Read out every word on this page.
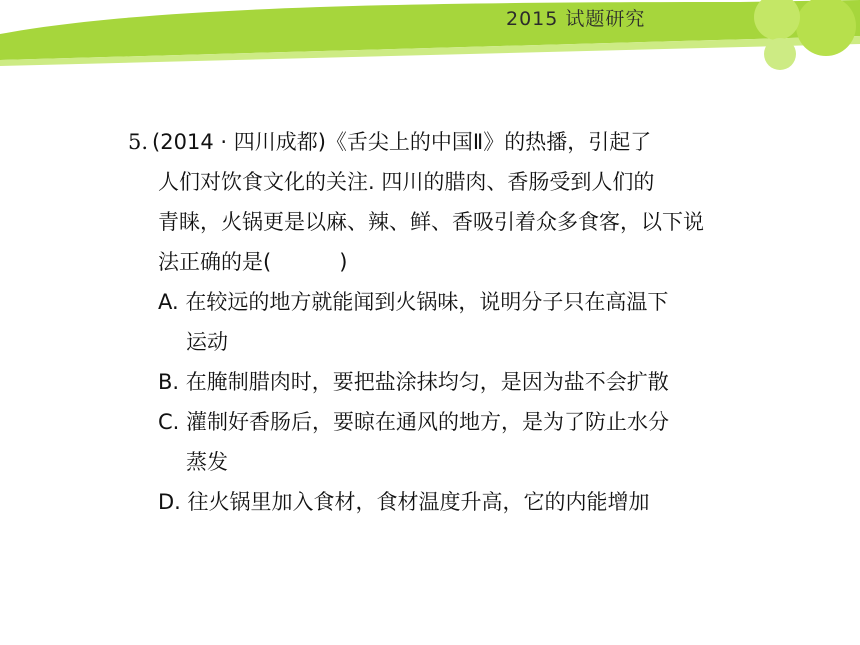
2015 试题研究
5. (2014 · 四川成都)《舌尖上的中国Ⅱ》的热播，引起了
人们对饮食文化的关注. 四川的腊肉、香肠受到人们的
青睐，火锅更是以麻、辣、鲜、香吸引着众多食客，以下说
法正确的是(	)
A. 在较远的地方就能闻到火锅味，说明分子只在高温下
运动
B. 在腌制腊肉时，要把盐涂抹均匀，是因为盐不会扩散
C. 灌制好香肠后，要晾在通风的地方，是为了防止水分
蒸发
D. 往火锅里加入食材，食材温度升高，它的内能增加
